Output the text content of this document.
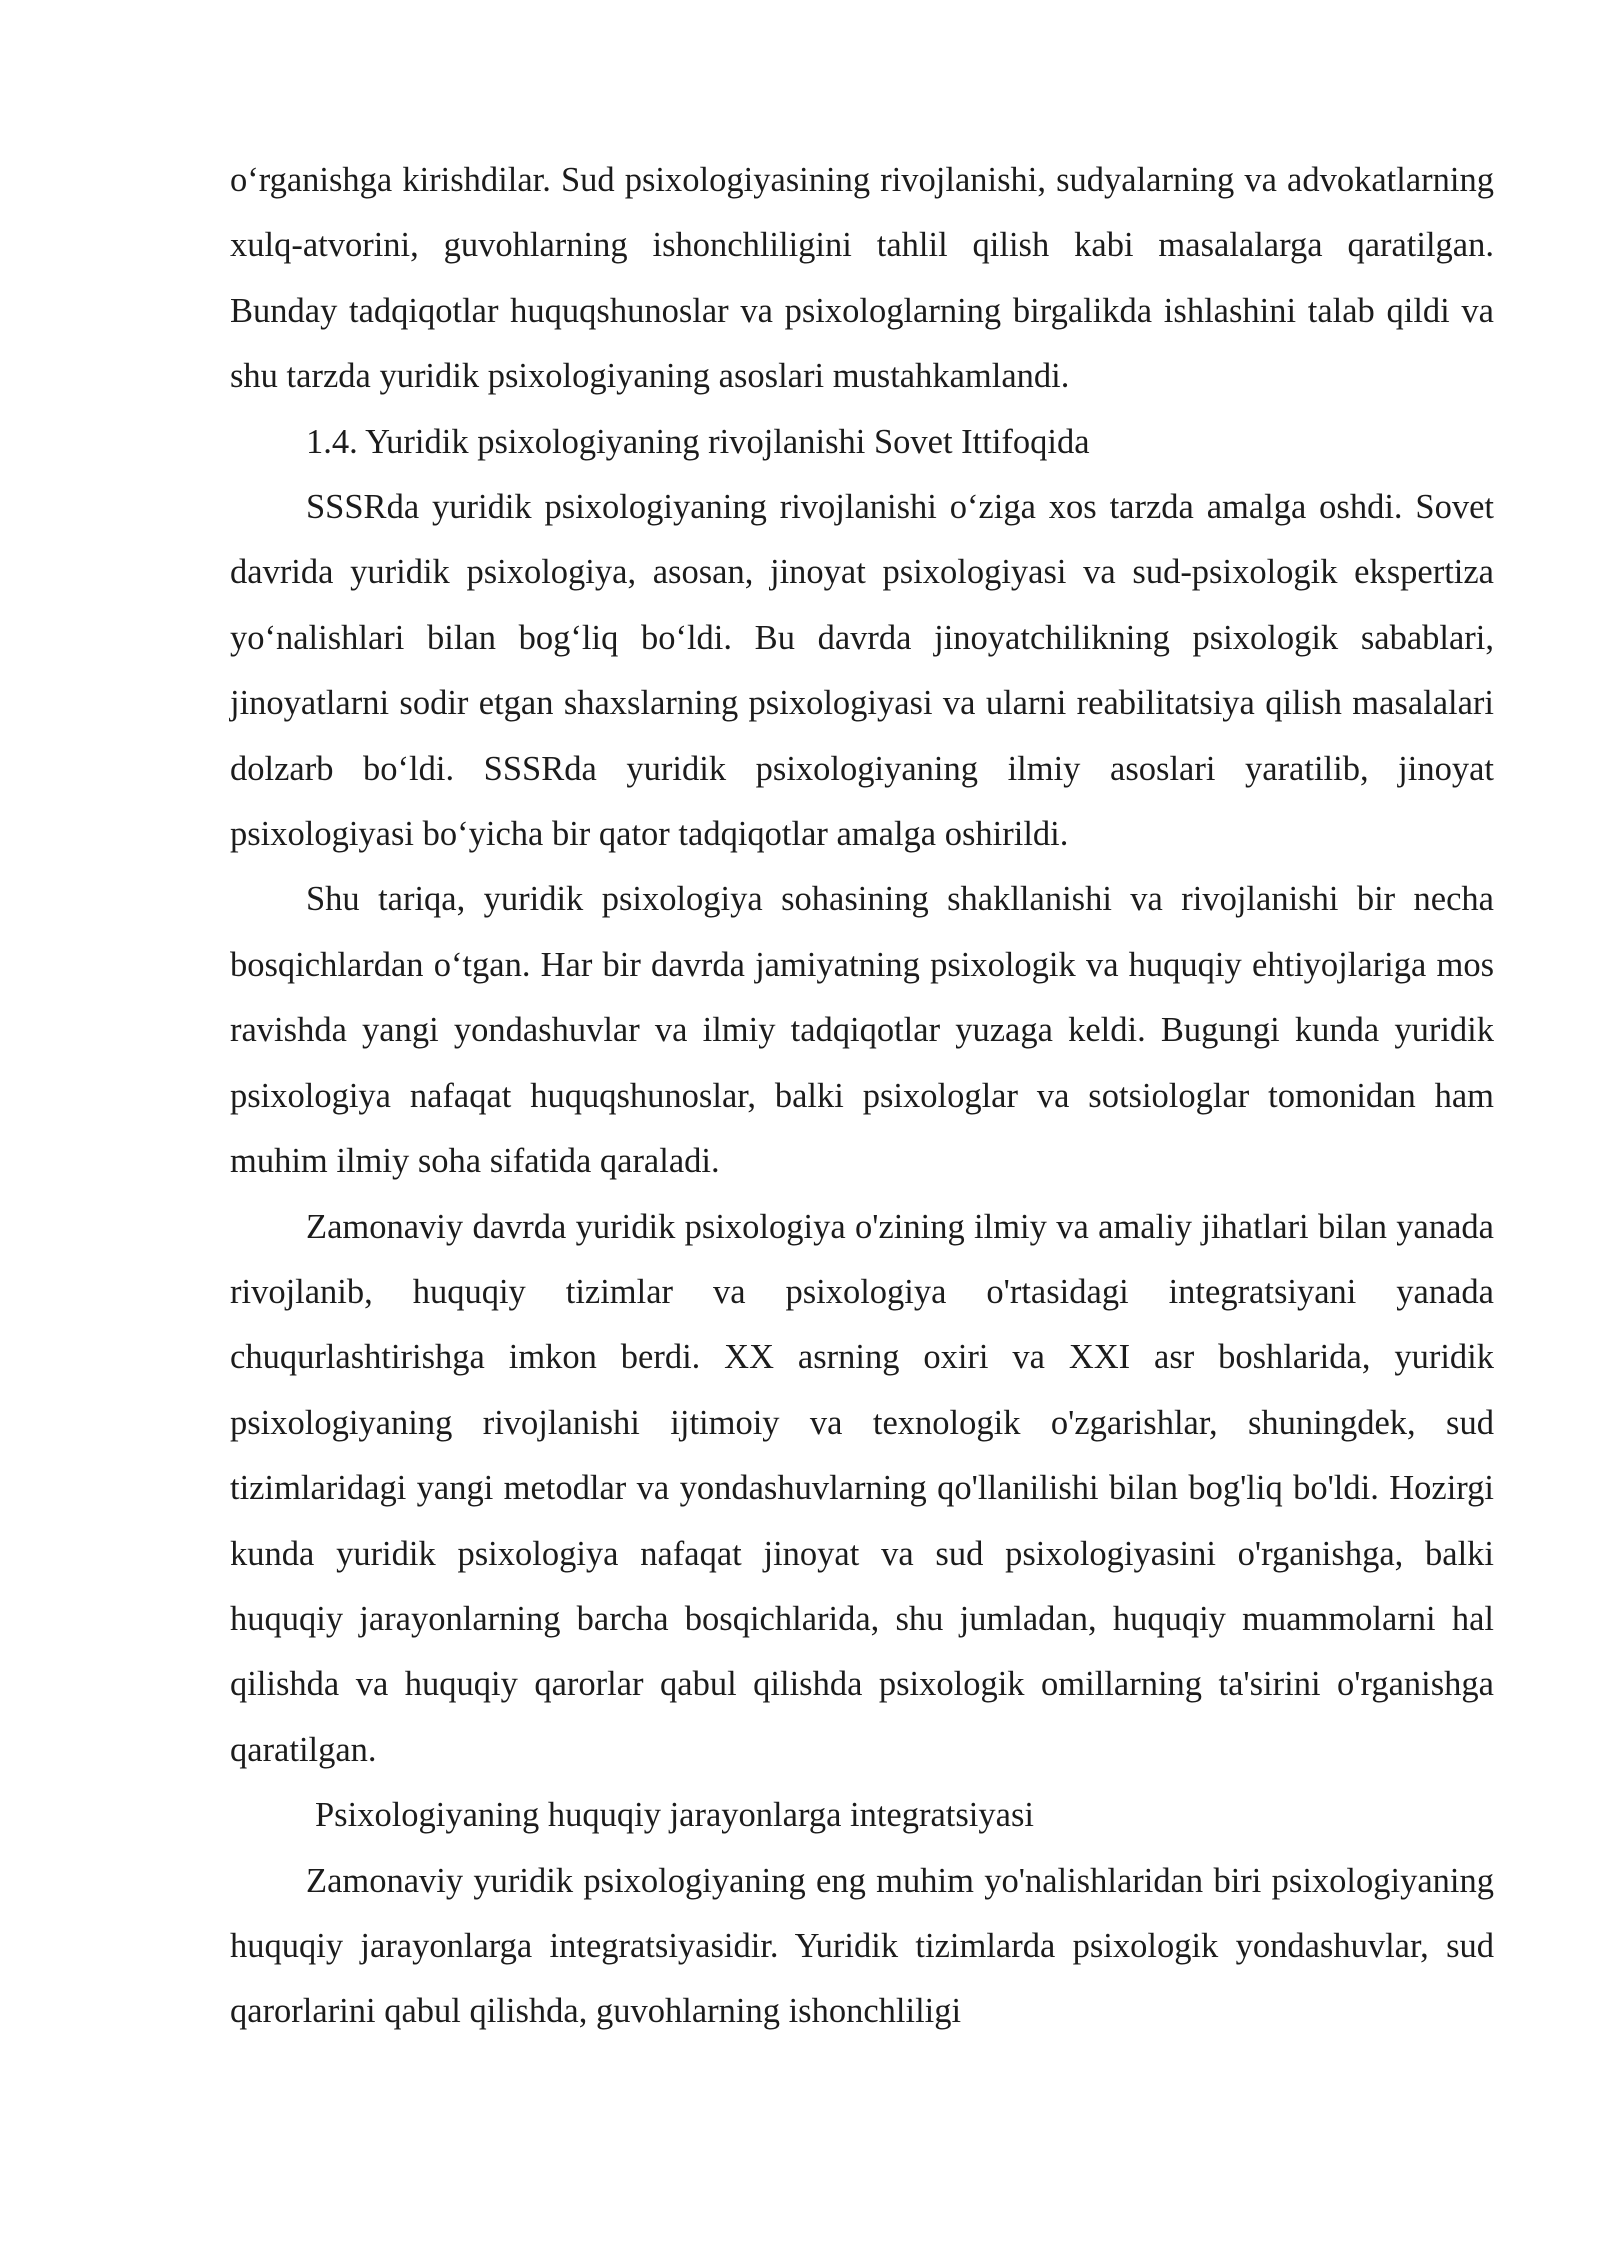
o‘rganishga kirishdilar. Sud psixologiyasining rivojlanishi, sudyalarning va advokatlarning xulq-atvorini, guvohlarning ishonchliligini tahlil qilish kabi masalalarga qaratilgan. Bunday tadqiqotlar huquqshunoslar va psixologlarning birgalikda ishlashini talab qildi va shu tarzda yuridik psixologiyaning asoslari mustahkamlandi.

1.4. Yuridik psixologiyaning rivojlanishi Sovet Ittifoqida

SSSRda yuridik psixologiyaning rivojlanishi o‘ziga xos tarzda amalga oshdi. Sovet davrida yuridik psixologiya, asosan, jinoyat psixologiyasi va sud-psixologik ekspertiza yo‘nalishlari bilan bog‘liq bo‘ldi. Bu davrda jinoyatchilikning psixologik sabablari, jinoyatlarni sodir etgan shaxslarning psixologiyasi va ularni reabilitatsiya qilish masalalari dolzarb bo‘ldi. SSSRda yuridik psixologiyaning ilmiy asoslari yaratilib, jinoyat psixologiyasi bo‘yicha bir qator tadqiqotlar amalga oshirildi.

Shu tariqa, yuridik psixologiya sohasining shakllanishi va rivojlanishi bir necha bosqichlardan o‘tgan. Har bir davrda jamiyatning psixologik va huquqiy ehtiyojlariga mos ravishda yangi yondashuvlar va ilmiy tadqiqotlar yuzaga keldi. Bugungi kunda yuridik psixologiya nafaqat huquqshunoslar, balki psixologlar va sotsiologlar tomonidan ham muhim ilmiy soha sifatida qaraladi.

Zamonaviy davrda yuridik psixologiya o'zining ilmiy va amaliy jihatlari bilan yanada rivojlanib, huquqiy tizimlar va psixologiya o'rtasidagi integratsiyani yanada chuqurlashtirishga imkon berdi. XX asrning oxiri va XXI asr boshlarida, yuridik psixologiyaning rivojlanishi ijtimoiy va texnologik o'zgarishlar, shuningdek, sud tizimlaridagi yangi metodlar va yondashuvlarning qo'llanilishi bilan bog'liq bo'ldi. Hozirgi kunda yuridik psixologiya nafaqat jinoyat va sud psixologiyasini o'rganishga, balki huquqiy jarayonlarning barcha bosqichlarida, shu jumladan, huquqiy muammolarni hal qilishda va huquqiy qarorlar qabul qilishda psixologik omillarning ta'sirini o'rganishga qaratilgan.

Psixologiyaning huquqiy jarayonlarga integratsiyasi

Zamonaviy yuridik psixologiyaning eng muhim yo'nalishlaridan biri psixologiyaning huquqiy jarayonlarga integratsiyasidir. Yuridik tizimlarda psixologik yondashuvlar, sud qarorlarini qabul qilishda, guvohlarning ishonchliligi
